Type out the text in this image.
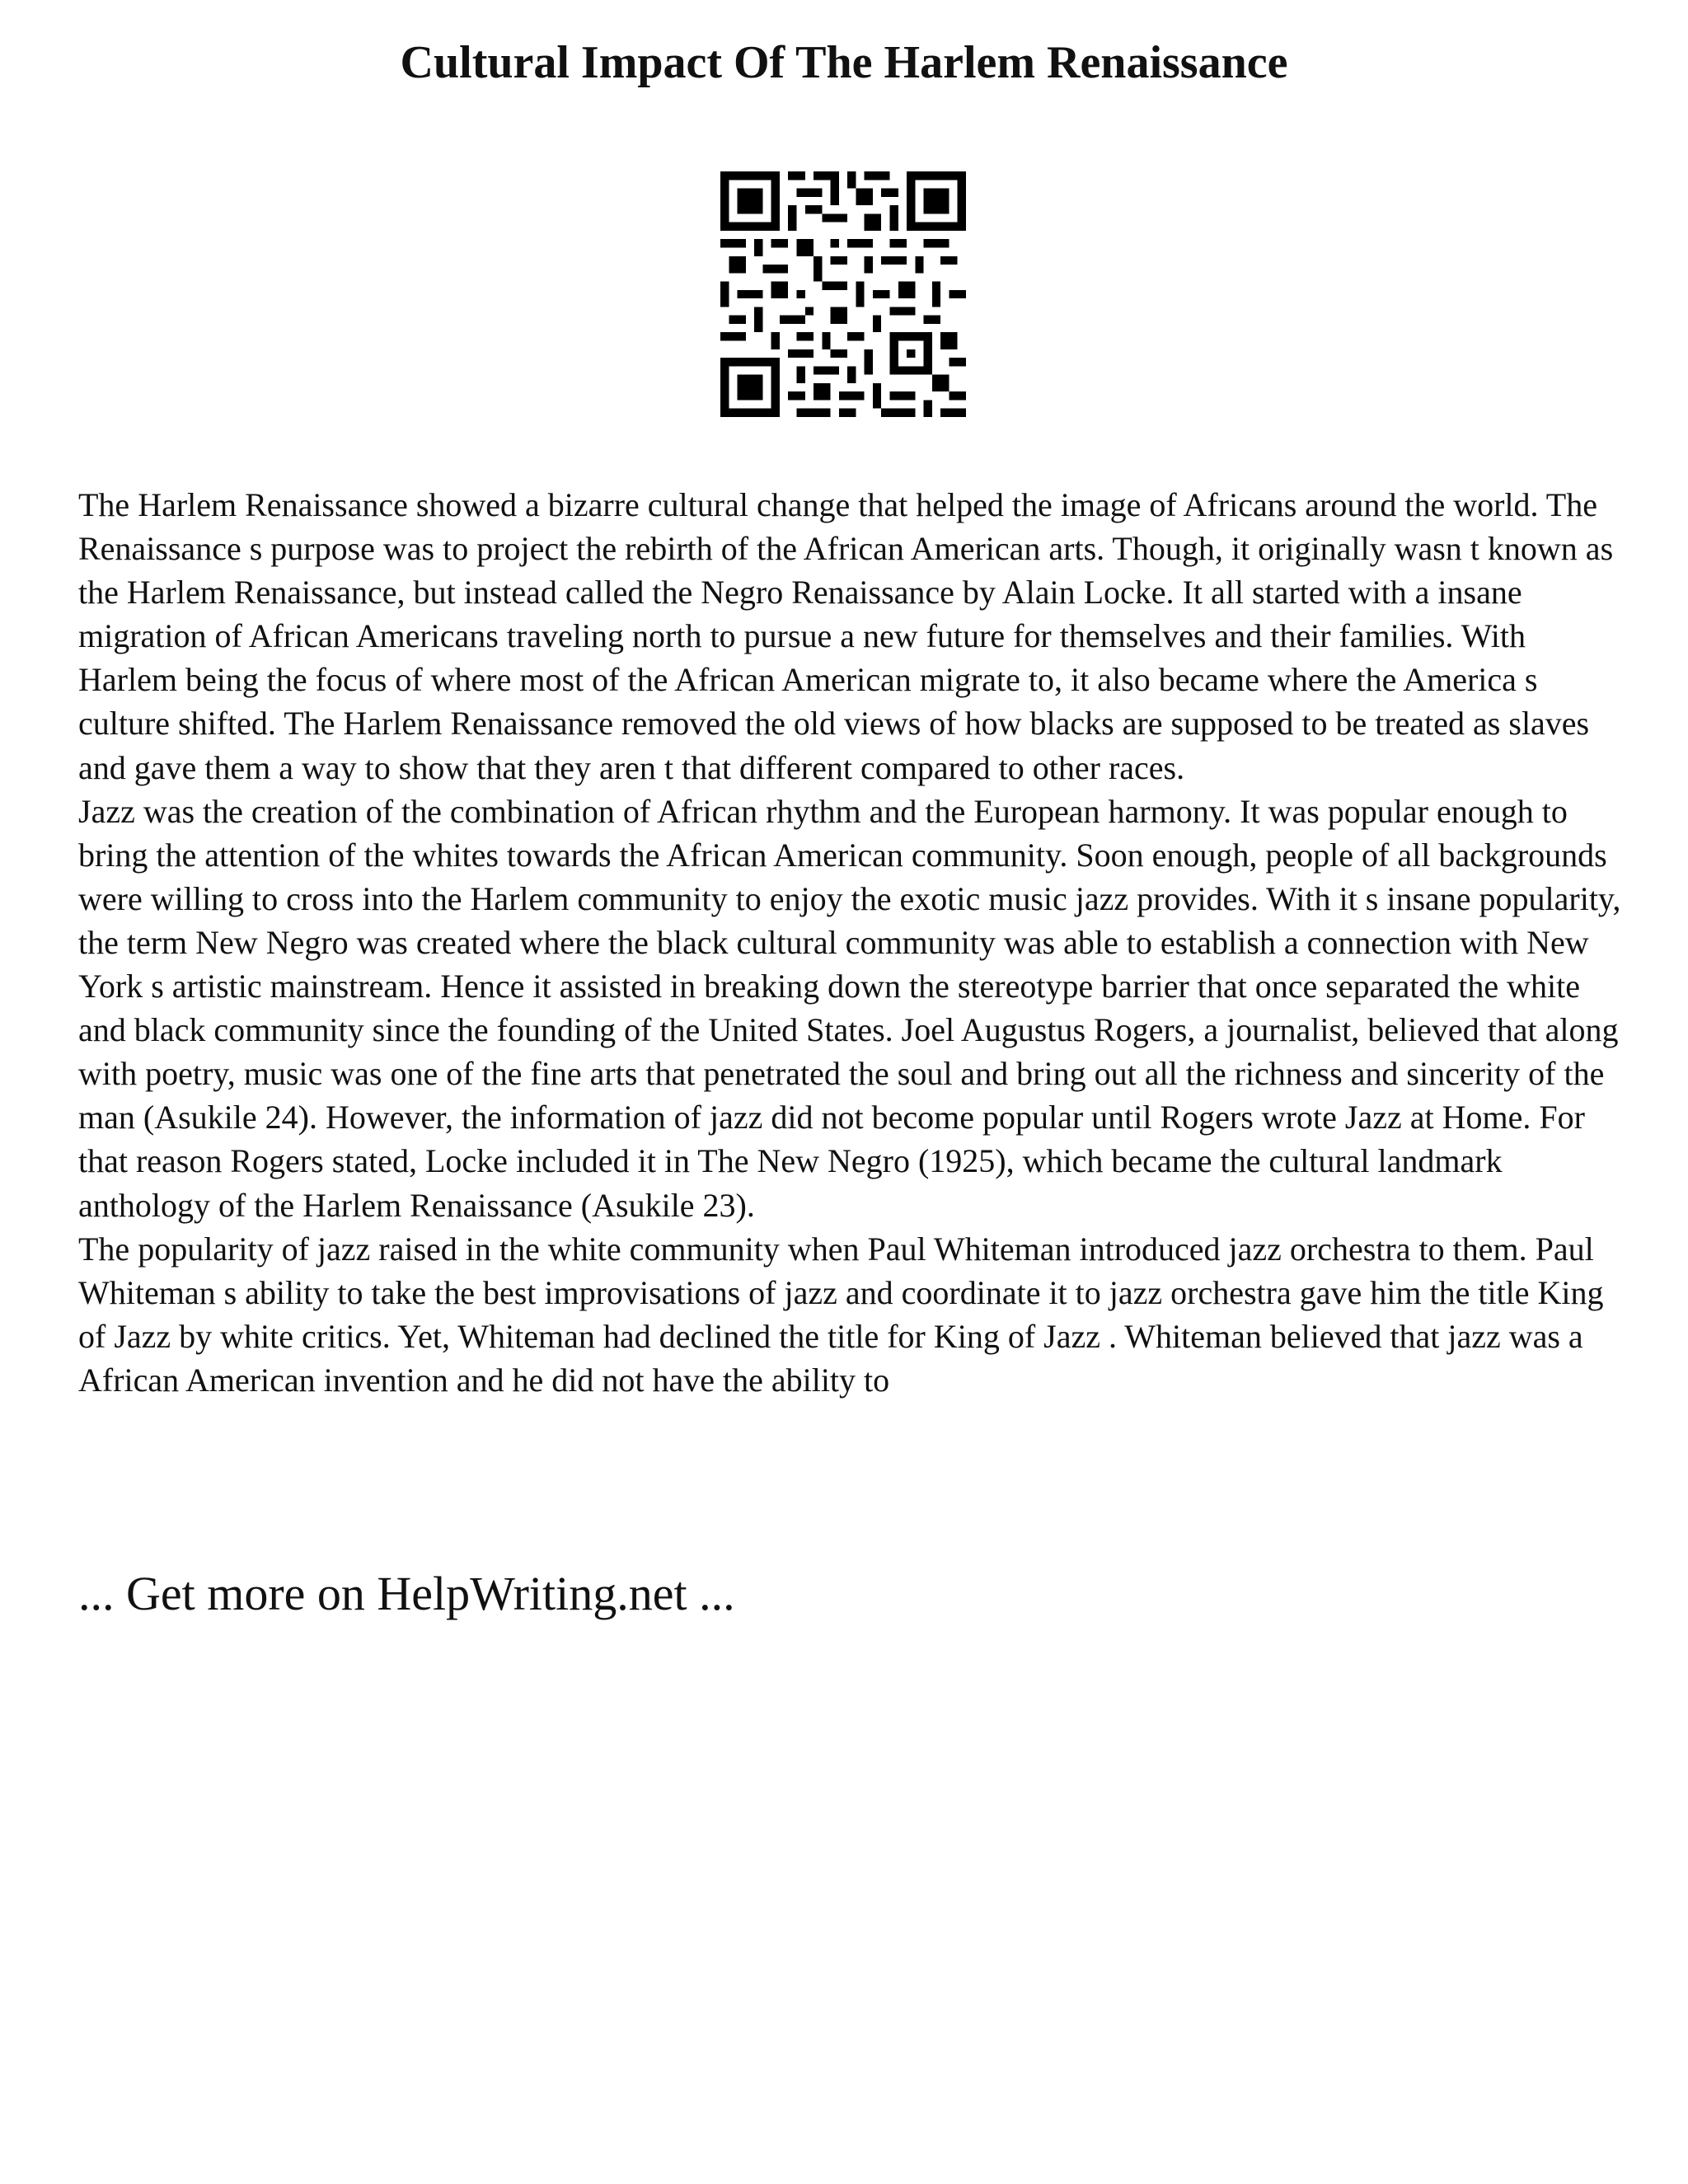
Cultural Impact Of The Harlem Renaissance

The Harlem Renaissance showed a bizarre cultural change that helped the image of Africans around the world. The Renaissance s purpose was to project the rebirth of the African American arts. Though, it originally wasn t known as the Harlem Renaissance, but instead called the Negro Renaissance by Alain Locke. It all started with a insane migration of African Americans traveling north to pursue a new future for themselves and their families. With Harlem being the focus of where most of the African American migrate to, it also became where the America s culture shifted. The Harlem Renaissance removed the old views of how blacks are supposed to be treated as slaves and gave them a way to show that they aren t that different compared to other races.

Jazz was the creation of the combination of African rhythm and the European harmony. It was popular enough to bring the attention of the whites towards the African American community. Soon enough, people of all backgrounds were willing to cross into the Harlem community to enjoy the exotic music jazz provides. With it s insane popularity, the term New Negro was created where the black cultural community was able to establish a connection with New York s artistic mainstream. Hence it assisted in breaking down the stereotype barrier that once separated the white and black community since the founding of the United States. Joel Augustus Rogers, a journalist, believed that along with poetry, music was one of the fine arts that penetrated the soul and bring out all the richness and sincerity of the man (Asukile 24). However, the information of jazz did not become popular until Rogers wrote Jazz at Home. For that reason Rogers stated, Locke included it in The New Negro (1925), which became the cultural landmark anthology of the Harlem Renaissance (Asukile 23).

The popularity of jazz raised in the white community when Paul Whiteman introduced jazz orchestra to them. Paul Whiteman s ability to take the best improvisations of jazz and coordinate it to jazz orchestra gave him the title King of Jazz by white critics. Yet, Whiteman had declined the title for King of Jazz . Whiteman believed that jazz was a African American invention and he did not have the ability to

... Get more on HelpWriting.net ...
